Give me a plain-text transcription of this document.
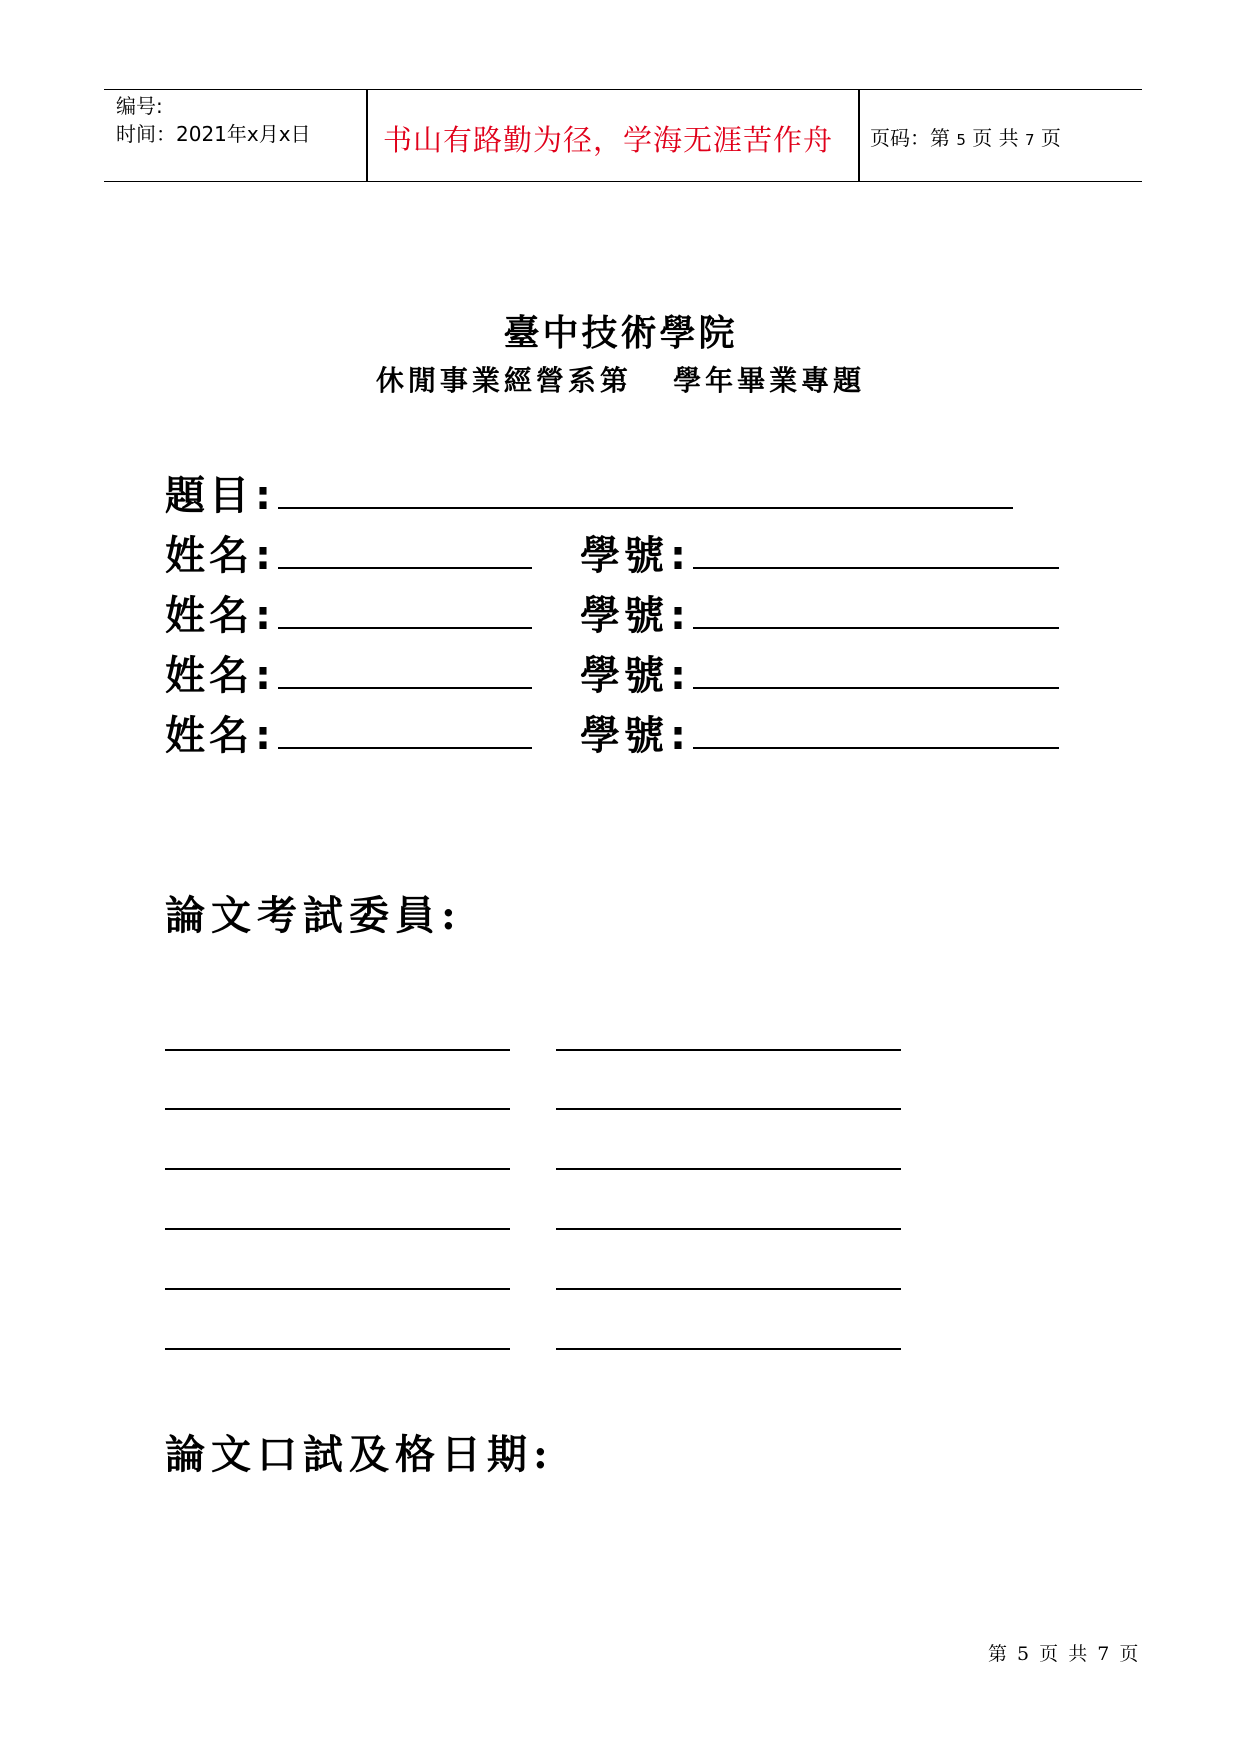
编号:
时间：2021年x月x日	书山有路勤为径，学海无涯苦作舟	页码：第 5 页 共 7 页
臺中技術學院
休閒事業經營系第   學年畢業專題
題目:
姓名:	學號:
姓名:	學號:
姓名:	學號:
姓名:	學號:
論文考試委員:
論文口試及格日期:
第 5 页 共 7 页
